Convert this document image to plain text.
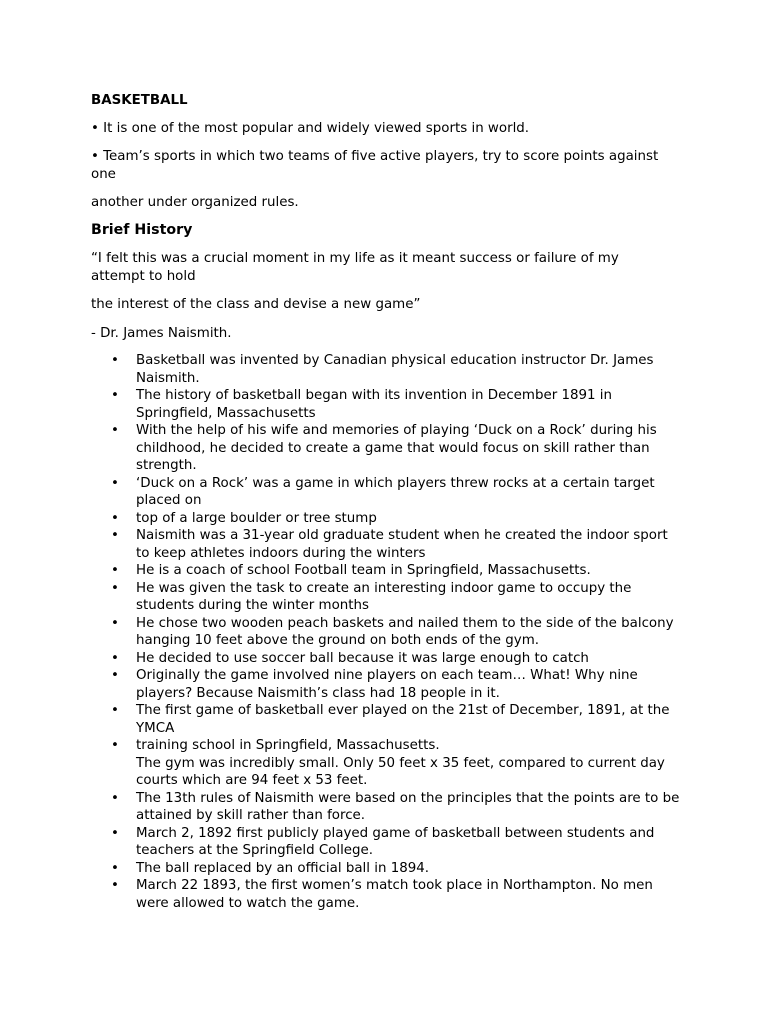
BASKETBALL

• It is one of the most popular and widely viewed sports in world.

• Team’s sports in which two teams of five active players, try to score points against one

another under organized rules.

Brief History

“I felt this was a crucial moment in my life as it meant success or failure of my attempt to hold

the interest of the class and devise a new game”

- Dr. James Naismith.

• Basketball was invented by Canadian physical education instructor Dr. James Naismith.
• The history of basketball began with its invention in December 1891 in Springfield, Massachusetts
• With the help of his wife and memories of playing ‘Duck on a Rock’ during his childhood, he decided to create a game that would focus on skill rather than strength.
• ‘Duck on a Rock’ was a game in which players threw rocks at a certain target placed on
• top of a large boulder or tree stump
• Naismith was a 31-year old graduate student when he created the indoor sport to keep athletes indoors during the winters
• He is a coach of school Football team in Springfield, Massachusetts.
• He was given the task to create an interesting indoor game to occupy the students during the winter months
• He chose two wooden peach baskets and nailed them to the side of the balcony hanging 10 feet above the ground on both ends of the gym.
• He decided to use soccer ball because it was large enough to catch
• Originally the game involved nine players on each team… What! Why nine players? Because Naismith’s class had 18 people in it.
• The first game of basketball ever played on the 21st of December, 1891, at the YMCA
• training school in Springfield, Massachusetts.
The gym was incredibly small. Only 50 feet x 35 feet, compared to current day courts which are 94 feet x 53 feet.
• The 13th rules of Naismith were based on the principles that the points are to be attained by skill rather than force.
• March 2, 1892 first publicly played game of basketball between students and teachers at the Springfield College.
• The ball replaced by an official ball in 1894.
• March 22 1893, the first women’s match took place in Northampton. No men were allowed to watch the game.
